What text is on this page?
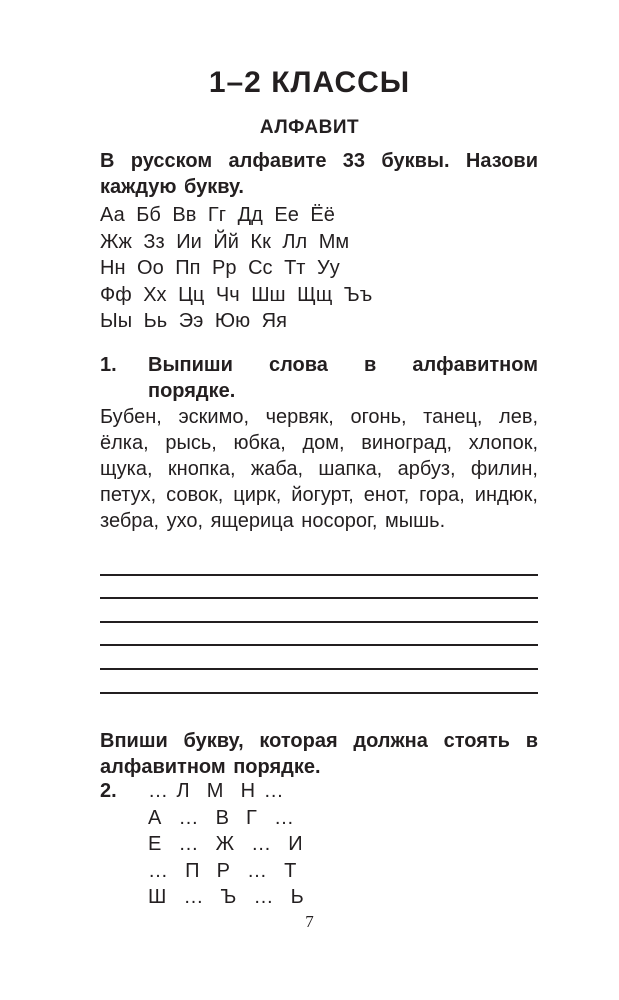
1–2 КЛАССЫ
АЛФАВИТ
В русском алфавите 33 буквы. Назови каждую букву.
Аа Бб Вв Гг Дд Ее Ёё
Жж Зз Ии Йй Кк Лл Мм
Нн Оо Пп Рр Сс Тт Уу
Фф Хх Цц Чч Шш Щщ Ъъ
Ыы Ьь Ээ Юю Яя
1. Выпиши слова в алфавитном порядке.
Бубен, эскимо, червяк, огонь, танец, лев, ёлка, рысь, юбка, дом, виноград, хлопок, щука, кнопка, жаба, шапка, арбуз, филин, петух, совок, цирк, йогурт, енот, гора, индюк, зебра, ухо, ящерица носорог, мышь.
Впиши букву, которая должна стоять в алфавитном порядке.
2. … Л  М  Н …
А  …  В  Г  …
Е  …  Ж  …  И
…  П  Р  …  Т
Ш  …  Ъ  …  Ь
7
